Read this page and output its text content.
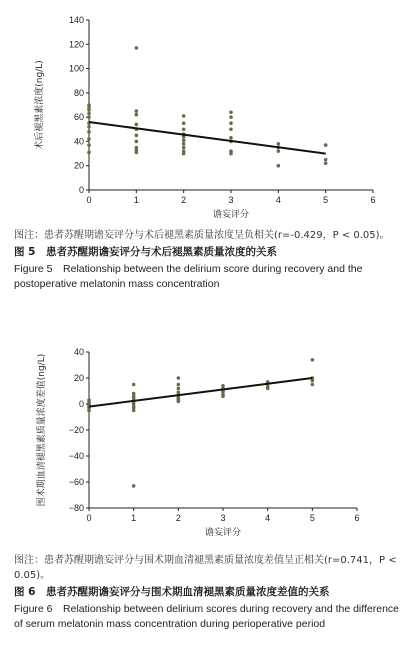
0
20
40
60
80
100
120
140
0	1	2	3	4	5	6
谵妄评分
术后褪黑素浓度(ng/L)
−80
−60
−40
−20
0
20
40
0	1	2	3	4	5	6
谵妄评分
围术期血清褪黑素质量浓度差值(ng/L)

图注：患者苏醒期谵妄评分与术后褪黑素质量浓度呈负相关(r=-0.429，P < 0.05)。

图 5　患者苏醒期谵妄评分与术后褪黑素质量浓度的关系

Figure 5　Relationship between the delirium score during recovery and the postoperative melatonin mass concentration

图注：患者苏醒期谵妄评分与围术期血清褪黑素质量浓度差值呈正相关(r=0.741，P < 0.05)。

图 6　患者苏醒期谵妄评分与围术期血清褪黑素质量浓度差值的关系

Figure 6　Relationship between delirium scores during recovery and the difference of serum melatonin mass concentration during perioperative period
